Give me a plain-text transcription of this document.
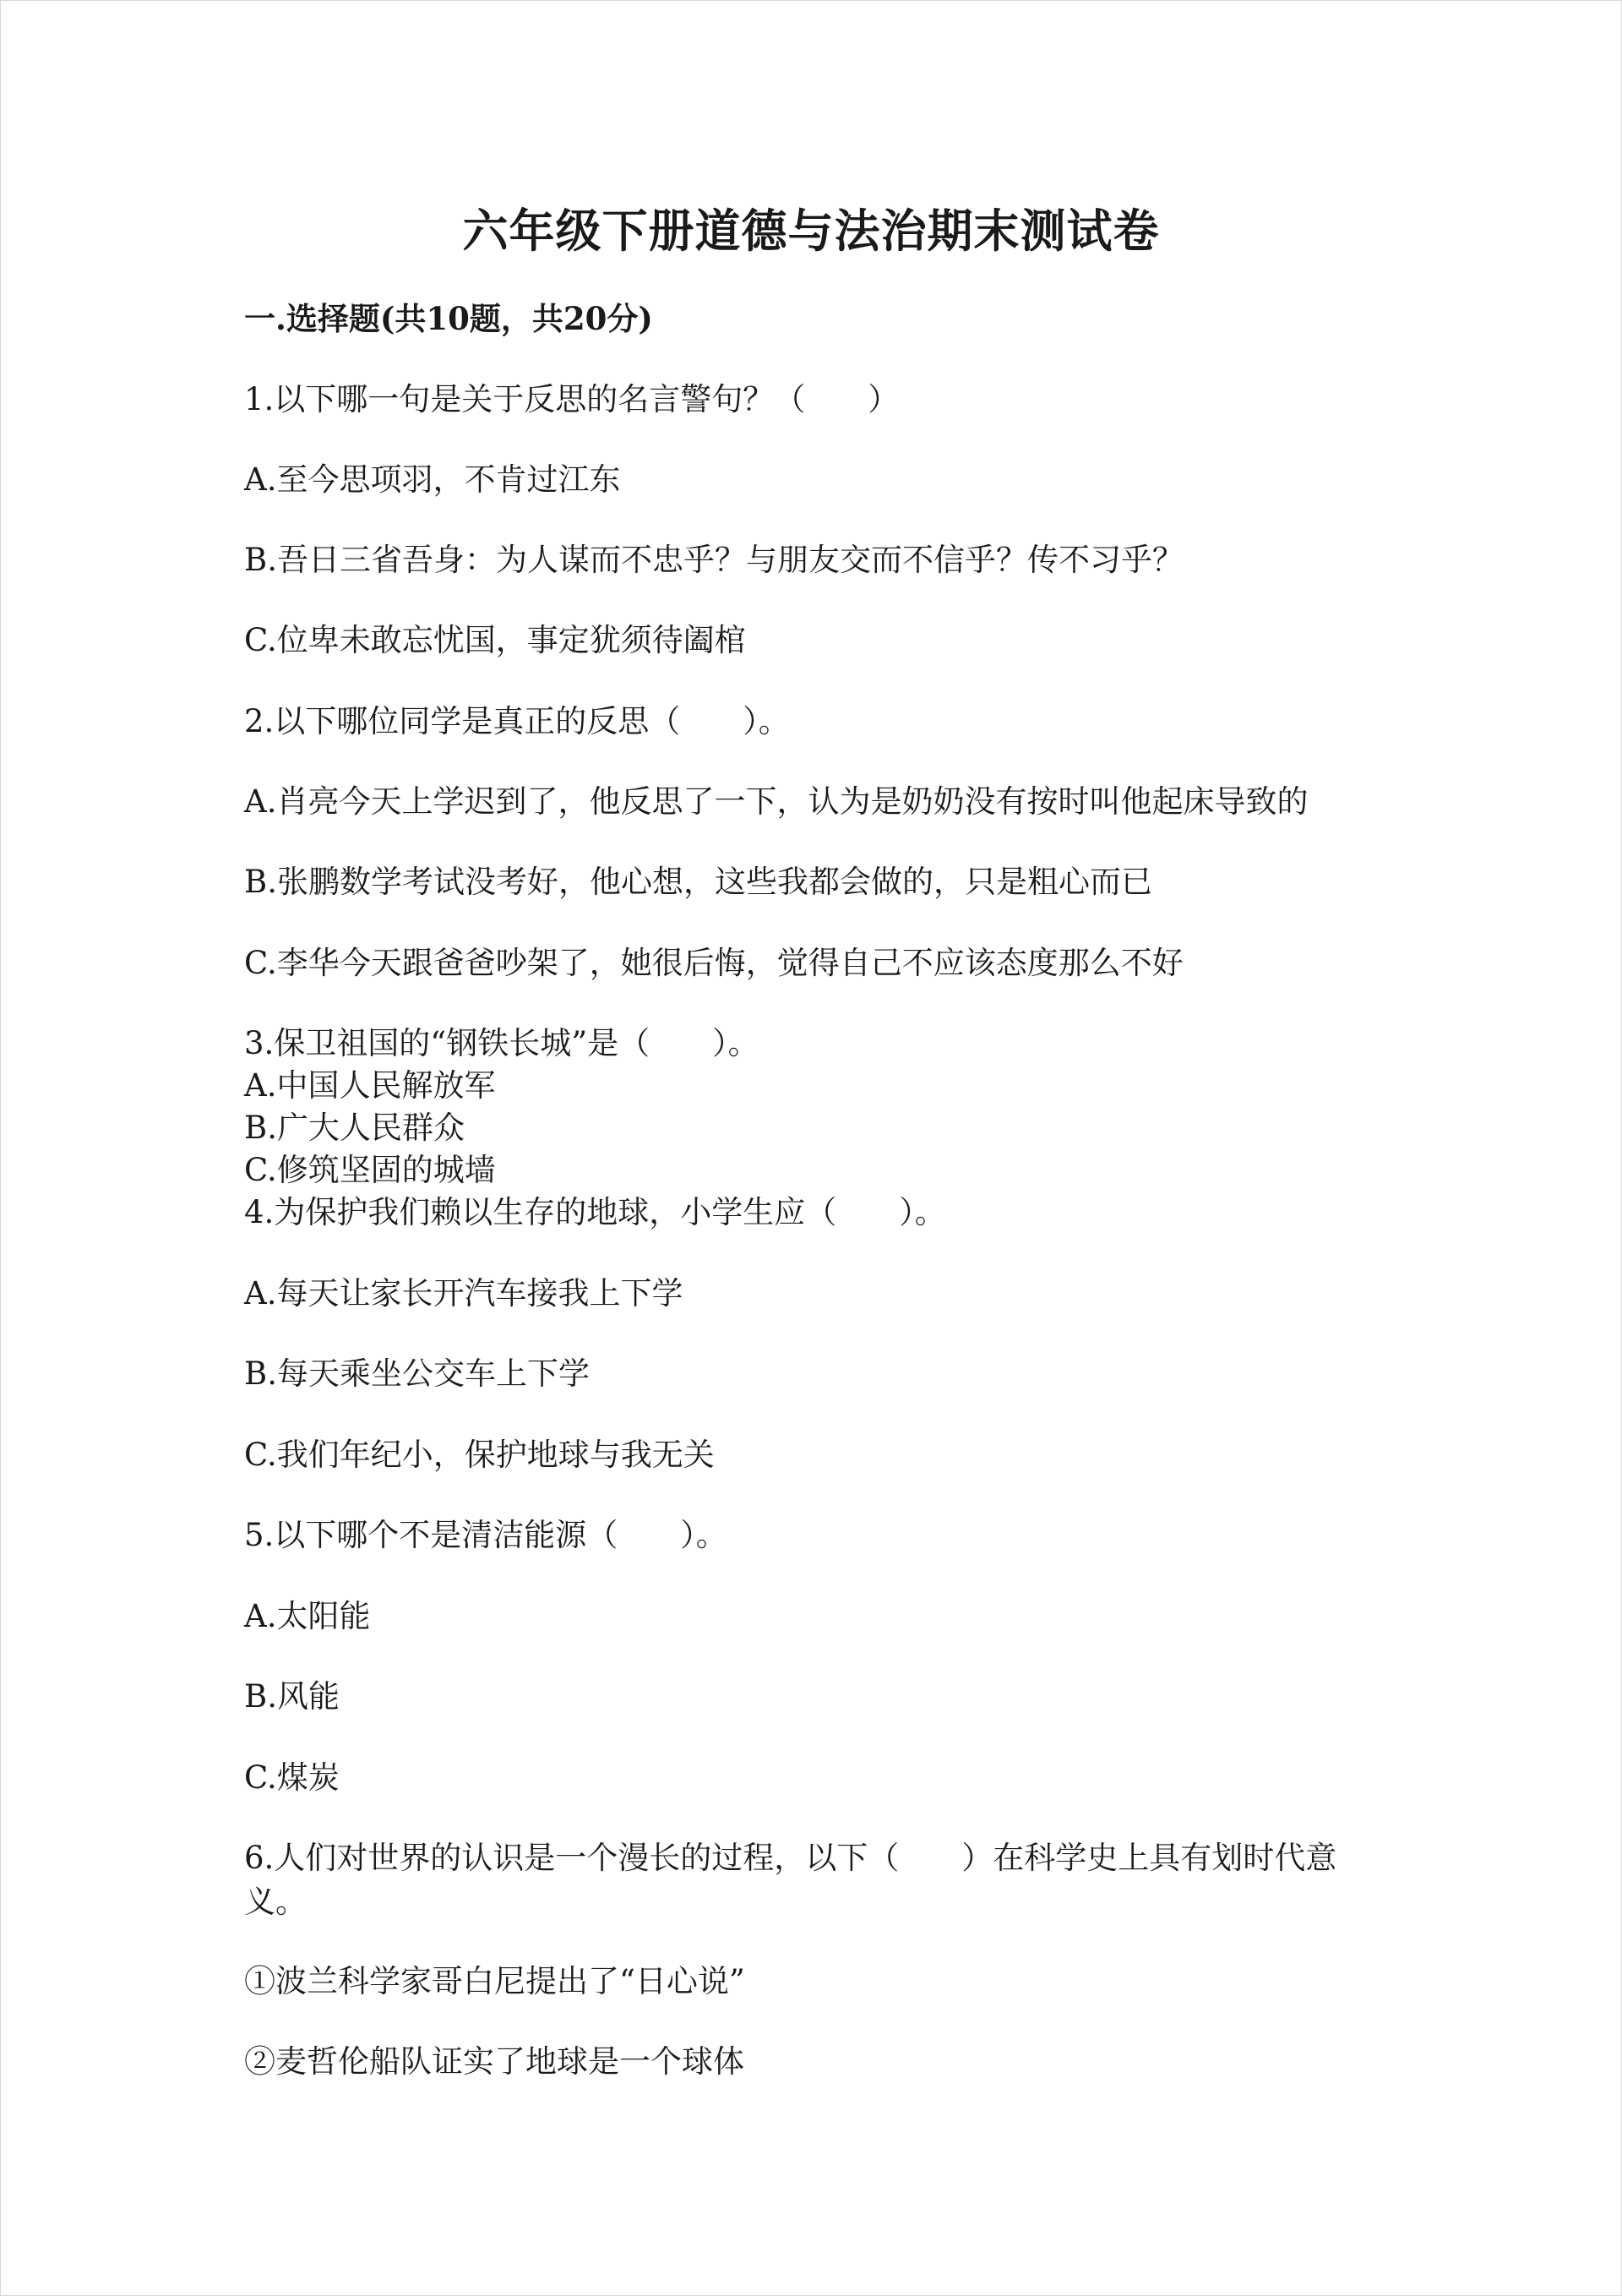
六年级下册道德与法治期末测试卷
一.选择题(共10题，共20分)
1.以下哪一句是关于反思的名言警句？（　　）
A.至今思项羽，不肯过江东
B.吾日三省吾身：为人谋而不忠乎？与朋友交而不信乎？传不习乎？
C.位卑未敢忘忧国，事定犹须待阖棺
2.以下哪位同学是真正的反思（　　）。
A.肖亮今天上学迟到了，他反思了一下，认为是奶奶没有按时叫他起床导致的
B.张鹏数学考试没考好，他心想，这些我都会做的，只是粗心而已
C.李华今天跟爸爸吵架了，她很后悔，觉得自己不应该态度那么不好
3.保卫祖国的“钢铁长城”是（　　）。
A.中国人民解放军
B.广大人民群众
C.修筑坚固的城墙
4.为保护我们赖以生存的地球，小学生应（　　）。
A.每天让家长开汽车接我上下学
B.每天乘坐公交车上下学
C.我们年纪小，保护地球与我无关
5.以下哪个不是清洁能源（　　）。
A.太阳能
B.风能
C.煤炭
6.人们对世界的认识是一个漫长的过程，以下（　　）在科学史上具有划时代意
义。
①波兰科学家哥白尼提出了“日心说”
②麦哲伦船队证实了地球是一个球体
